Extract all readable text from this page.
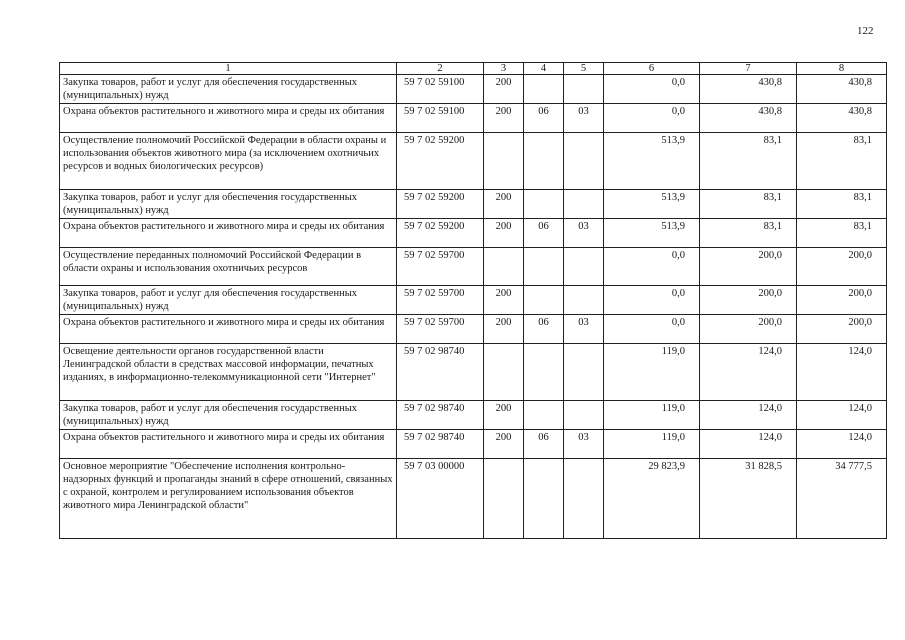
122
1	2	3	4	5	6	7	8
Закупка товаров, работ и услуг для обеспечения государственных (муниципальных) нужд	59 7 02 59100	200			0,0	430,8	430,8
Охрана объектов растительного и животного мира и среды их обитания	59 7 02 59100	200	06	03	0,0	430,8	430,8
Осуществление полномочий Российской Федерации в области охраны и использования объектов животного мира (за исключением охотничьих ресурсов и водных биологических ресурсов)	59 7 02 59200				513,9	83,1	83,1
Закупка товаров, работ и услуг для обеспечения государственных (муниципальных) нужд	59 7 02 59200	200			513,9	83,1	83,1
Охрана объектов растительного и животного мира и среды их обитания	59 7 02 59200	200	06	03	513,9	83,1	83,1
Осуществление переданных полномочий Российской Федерации в области охраны и использования охотничьих ресурсов	59 7 02 59700				0,0	200,0	200,0
Закупка товаров, работ и услуг для обеспечения государственных (муниципальных) нужд	59 7 02 59700	200			0,0	200,0	200,0
Охрана объектов растительного и животного мира и среды их обитания	59 7 02 59700	200	06	03	0,0	200,0	200,0
Освещение деятельности органов государственной власти Ленинградской области в средствах массовой информации, печатных изданиях, в информационно-телекоммуникационной сети "Интернет"	59 7 02 98740				119,0	124,0	124,0
Закупка товаров, работ и услуг для обеспечения государственных (муниципальных) нужд	59 7 02 98740	200			119,0	124,0	124,0
Охрана объектов растительного и животного мира и среды их обитания	59 7 02 98740	200	06	03	119,0	124,0	124,0
Основное мероприятие "Обеспечение исполнения контрольно-надзорных функций и пропаганды знаний в сфере отношений, связанных с охраной, контролем и регулированием использования объектов животного мира Ленинградской области"	59 7 03 00000				29 823,9	31 828,5	34 777,5
